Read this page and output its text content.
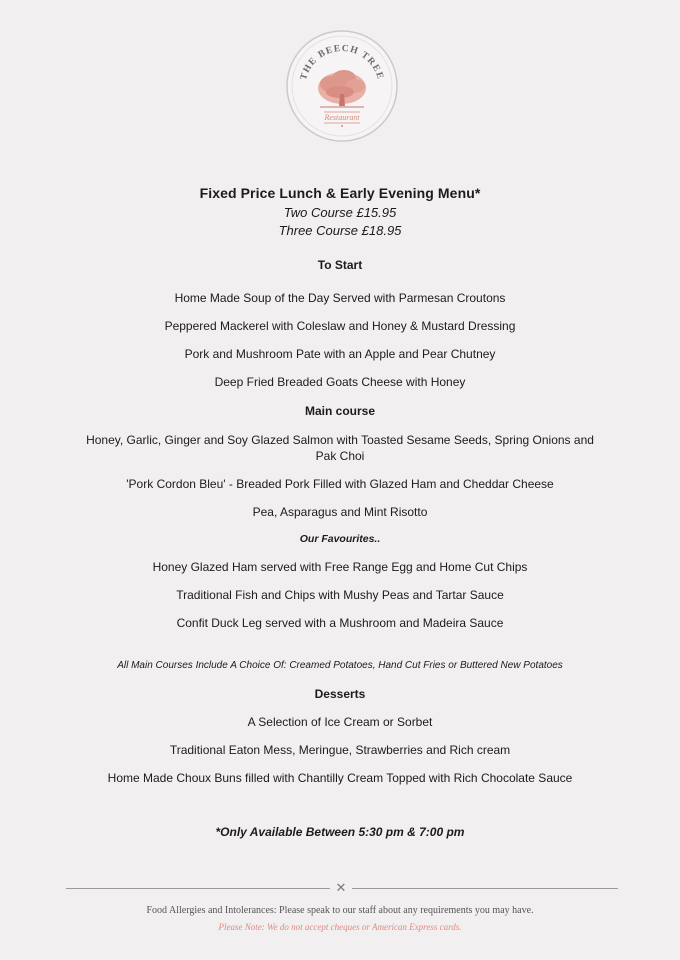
THE BEECH TREE
Restaurant
Fixed Price Lunch & Early Evening Menu*
Two Course £15.95
Three Course £18.95
To Start
Home Made Soup of the Day Served with Parmesan Croutons
Peppered Mackerel with Coleslaw and Honey & Mustard Dressing
Pork and Mushroom Pate with an Apple and Pear Chutney
Deep Fried Breaded Goats Cheese with Honey
Main course
Honey, Garlic, Ginger and Soy Glazed Salmon with Toasted Sesame Seeds, Spring Onions and Pak Choi
'Pork Cordon Bleu' - Breaded Pork Filled with Glazed Ham and Cheddar Cheese
Pea, Asparagus and Mint Risotto
Our Favourites..
Honey Glazed Ham served with Free Range Egg and Home Cut Chips
Traditional Fish and Chips with Mushy Peas and Tartar Sauce
Confit Duck Leg served with a Mushroom and Madeira Sauce
All Main Courses Include A Choice Of: Creamed Potatoes, Hand Cut Fries or Buttered New Potatoes
Desserts
A Selection of Ice Cream or Sorbet
Traditional Eaton Mess, Meringue, Strawberries and Rich cream
Home Made Choux Buns filled with Chantilly Cream Topped with Rich Chocolate Sauce
*Only Available Between 5:30 pm & 7:00 pm
✕
Food Allergies and Intolerances: Please speak to our staff about any requirements you may have.
Please Note: We do not accept cheques or American Express cards.
